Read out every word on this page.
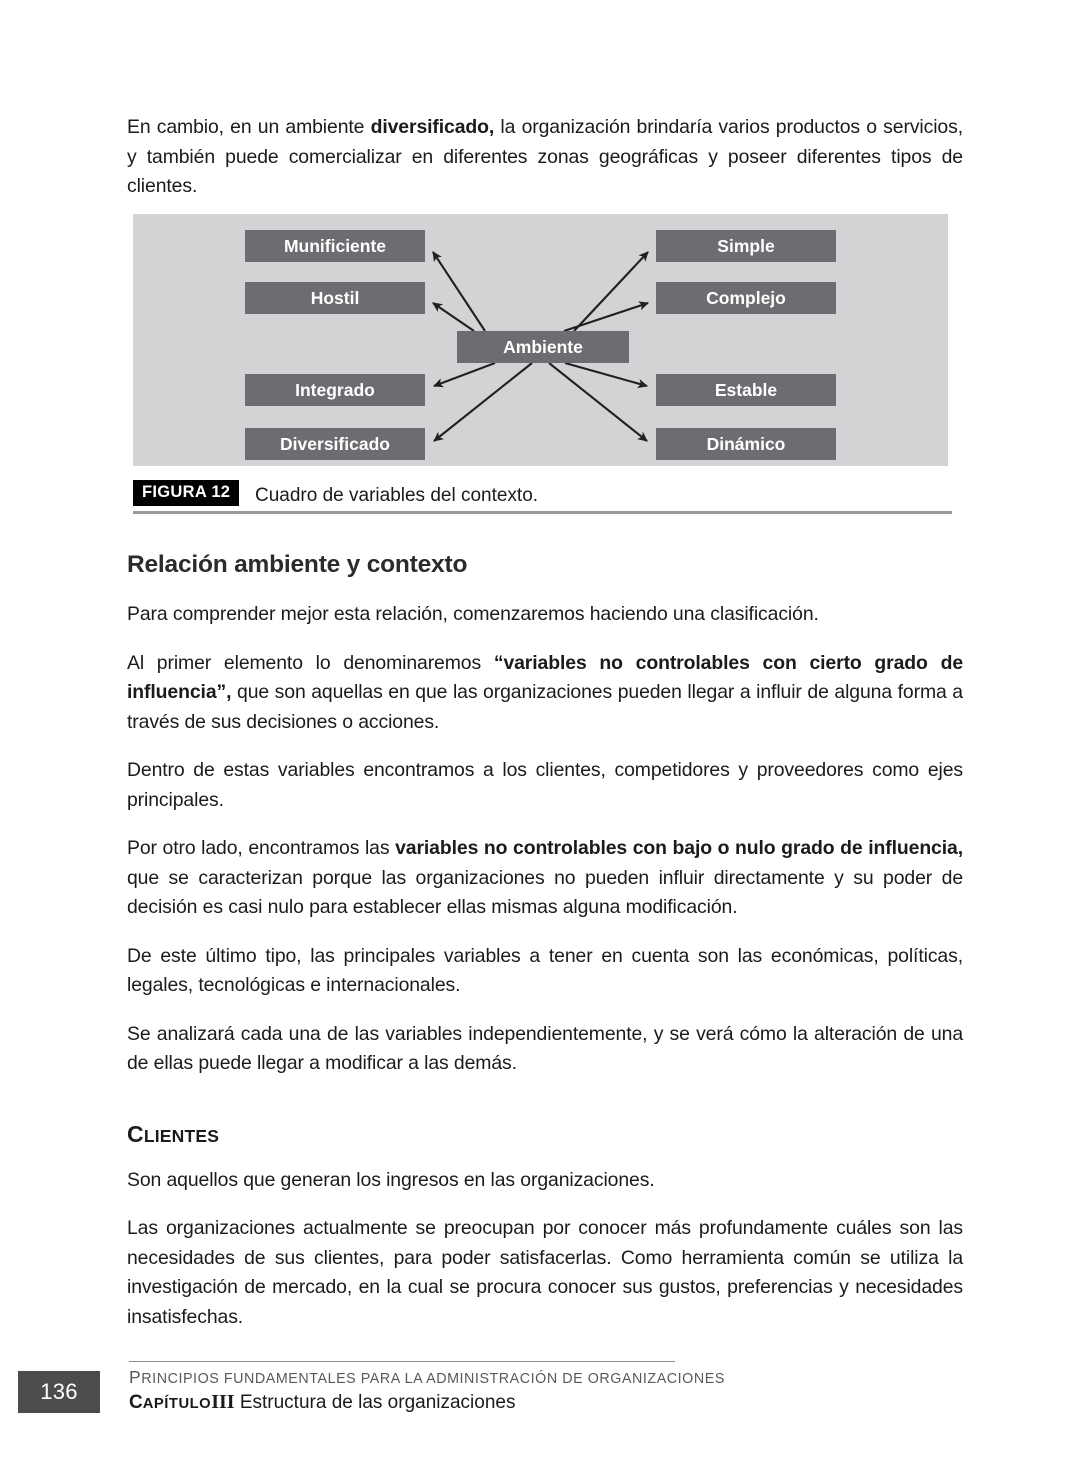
En cambio, en un ambiente diversificado, la organización brindaría varios productos o servicios, y también puede comercializar en diferentes zonas geográficas y poseer diferentes tipos de clientes.

Munificiente
Hostil
Integrado
Diversificado
Simple
Complejo
Estable
Dinámico
Ambiente
FIGURA 12	Cuadro de variables del contexto.
Relación ambiente y contexto

Para comprender mejor esta relación, comenzaremos haciendo una clasificación.

Al primer elemento lo denominaremos “variables no controlables con cierto grado de influencia”, que son aquellas en que las organizaciones pueden llegar a influir de alguna forma a través de sus decisiones o acciones.

Dentro de estas variables encontramos a los clientes, competidores y proveedores como ejes principales.

Por otro lado, encontramos las variables no controlables con bajo o nulo grado de influencia, que se caracterizan porque las organizaciones no pueden influir directamente y su poder de decisión es casi nulo para establecer ellas mismas alguna modificación.

De este último tipo, las principales variables a tener en cuenta son las económicas, políticas, legales, tecnológicas e internacionales.

Se analizará cada una de las variables independientemente, y se verá cómo la alteración de una de ellas puede llegar a modificar a las demás.

CLIENTES

Son aquellos que generan los ingresos en las organizaciones.

Las organizaciones actualmente se preocupan por conocer más profundamente cuáles son las necesidades de sus clientes, para poder satisfacerlas. Como herramienta común se utiliza la investigación de mercado, en la cual se procura conocer sus gustos, preferencias y necesidades insatisfechas.

136
PRINCIPIOS FUNDAMENTALES PARA LA ADMINISTRACIÓN DE ORGANIZACIONES
CAPÍTULOIII Estructura de las organizaciones
